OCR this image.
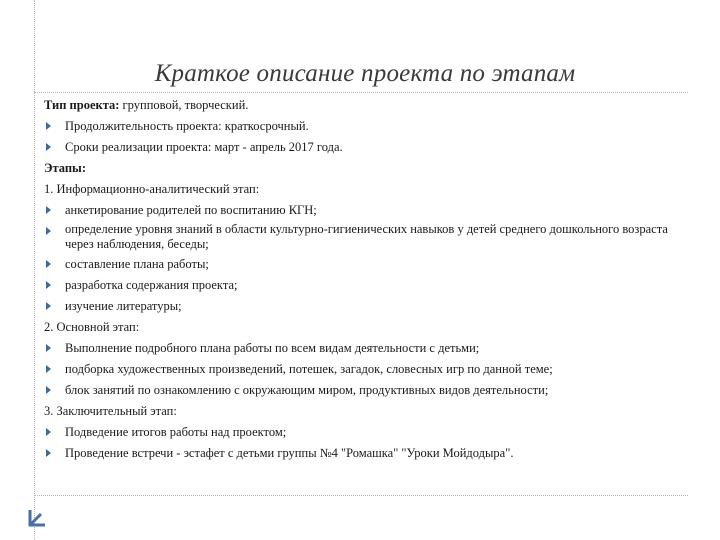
Краткое описание проекта по этапам
Тип проекта: групповой, творческий.
Продолжительность проекта: краткосрочный.
Сроки реализации проекта: март - апрель 2017 года.
Этапы:
1. Информационно-аналитический этап:
анкетирование родителей по воспитанию КГН;
определение уровня знаний в области культурно-гигиенических навыков у детей среднего дошкольного возраста через наблюдения, беседы;
составление плана работы;
разработка содержания проекта;
изучение литературы;
2. Основной этап:
Выполнение подробного плана работы по всем видам деятельности с детьми;
подборка художественных произведений, потешек, загадок, словесных игр по данной теме;
блок занятий по ознакомлению с окружающим миром, продуктивных видов деятельности;
3. Заключительный этап:
Подведение итогов работы над проектом;
Проведение встречи - эстафет с детьми группы №4 "Ромашка" "Уроки Мойдодыра".
